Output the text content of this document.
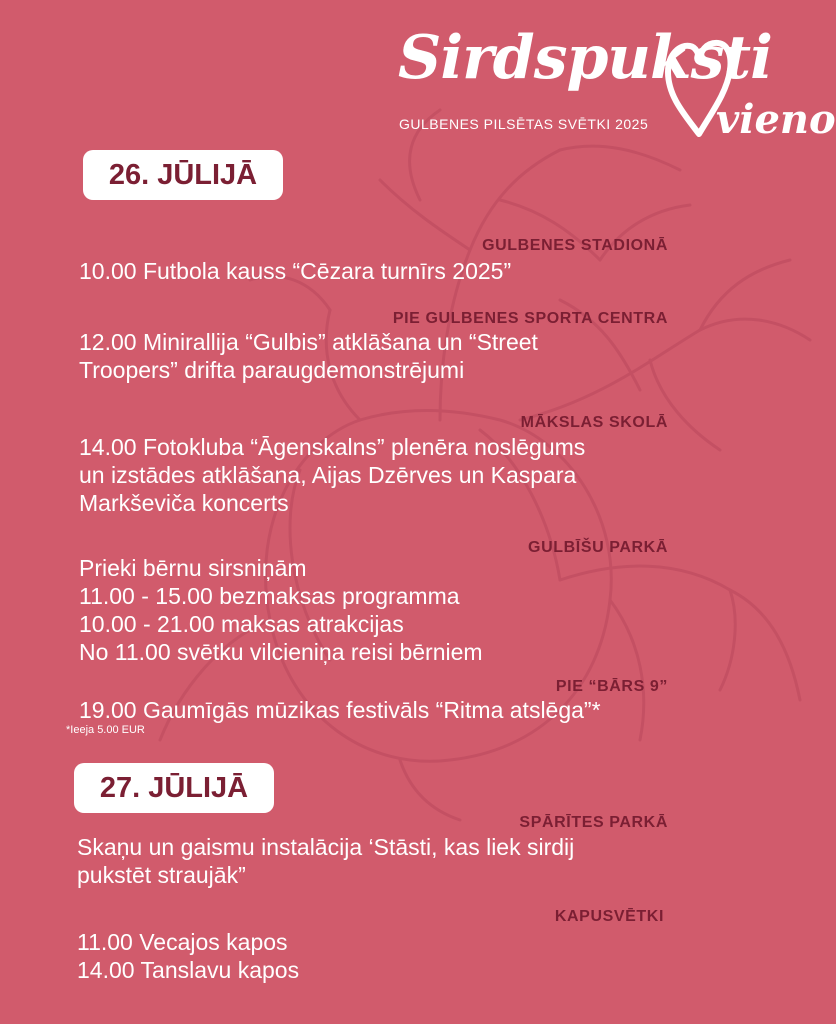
Sirdspuksti
vieno
GULBENES PILSĒTAS SVĒTKI 2025
26. JŪLIJĀ
GULBENES STADIONĀ
10.00 Futbola kauss “Cēzara turnīrs 2025”
PIE GULBENES SPORTA CENTRA
12.00 Minirallija “Gulbis” atklāšana un “Street
Troopers” drifta paraugdemonstrējumi
MĀKSLAS SKOLĀ
14.00 Fotokluba “Āgenskalns” plenēra noslēgums
un izstādes atklāšana, Aijas Dzērves un Kaspara
Markševiča koncerts
GULBĪŠU PARKĀ
Prieki bērnu sirsniņām
11.00 - 15.00 bezmaksas programma
10.00 - 21.00 maksas atrakcijas
No 11.00 svētku vilcieniņa reisi bērniem
PIE “BĀRS 9”
19.00 Gaumīgās mūzikas festivāls “Ritma atslēga”*
*Ieeja 5.00 EUR
27. JŪLIJĀ
SPĀRĪTES PARKĀ
Skaņu un gaismu instalācija ‘Stāsti, kas liek sirdij
pukstēt straujāk”
KAPUSVĒTKI
11.00 Vecajos kapos
14.00 Tanslavu kapos
